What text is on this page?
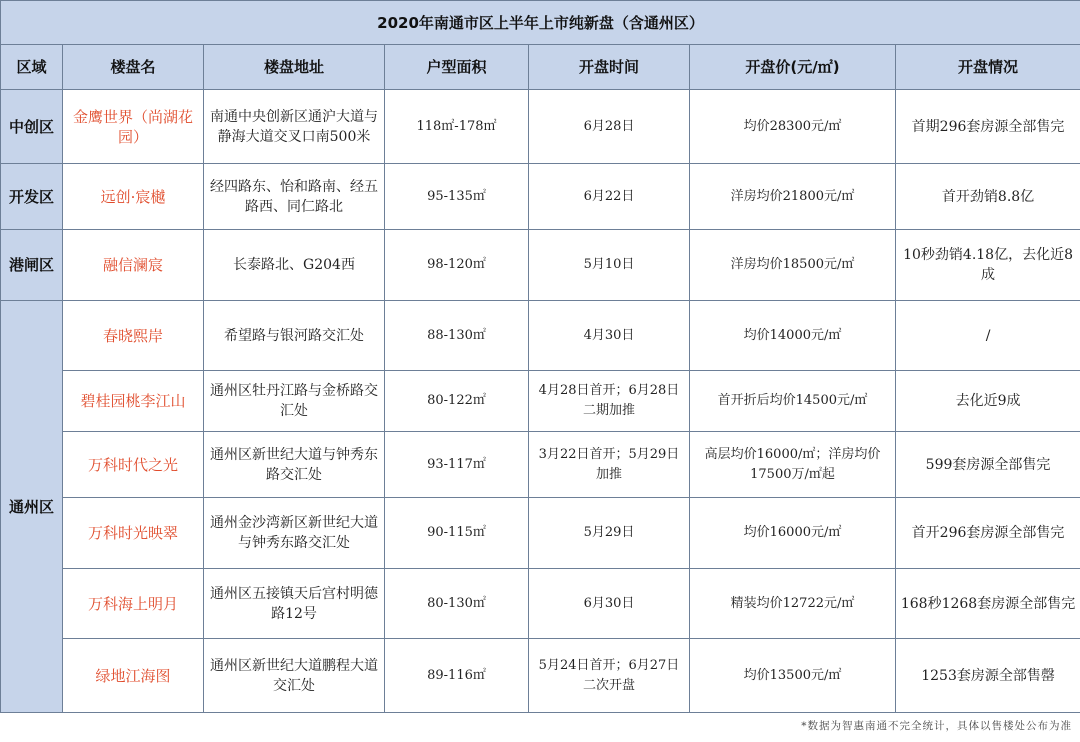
2020年南通市区上半年上市纯新盘（含通州区）						
区域	楼盘名	楼盘地址	户型面积	开盘时间	开盘价(元/㎡)	开盘情况
中创区	金鹰世界（尚湖花园）	南通中央创新区通沪大道与静海大道交叉口南500米	118㎡-178㎡	6月28日	均价28300元/㎡	首期296套房源全部售完
开发区	远创·宸樾	经四路东、怡和路南、经五路西、同仁路北	95-135㎡	6月22日	洋房均价21800元/㎡	首开劲销8.8亿
港闸区	融信澜宸	长泰路北、G204西	98-120㎡	5月10日	洋房均价18500元/㎡	10秒劲销4.18亿，去化近8成
通州区	春晓熙岸	希望路与银河路交汇处	88-130㎡	4月30日	均价14000元/㎡	/
	碧桂园桃李江山	通州区牡丹江路与金桥路交汇处	80-122㎡	4月28日首开；6月28日二期加推	首开折后均价14500元/㎡	去化近9成
	万科时代之光	通州区新世纪大道与钟秀东路交汇处	93-117㎡	3月22日首开；5月29日加推	高层均价16000/㎡；洋房均价17500万/㎡起	599套房源全部售完
	万科时光映翠	通州金沙湾新区新世纪大道与钟秀东路交汇处	90-115㎡	5月29日	均价16000元/㎡	首开296套房源全部售完
	万科海上明月	通州区五接镇天后宫村明德路12号	80-130㎡	6月30日	精装均价12722元/㎡	168秒1268套房源全部售完
	绿地江海图	通州区新世纪大道鹏程大道交汇处	89-116㎡	5月24日首开；6月27日二次开盘	均价13500元/㎡	1253套房源全部售罄
*数据为智惠南通不完全统计，具体以售楼处公布为准
